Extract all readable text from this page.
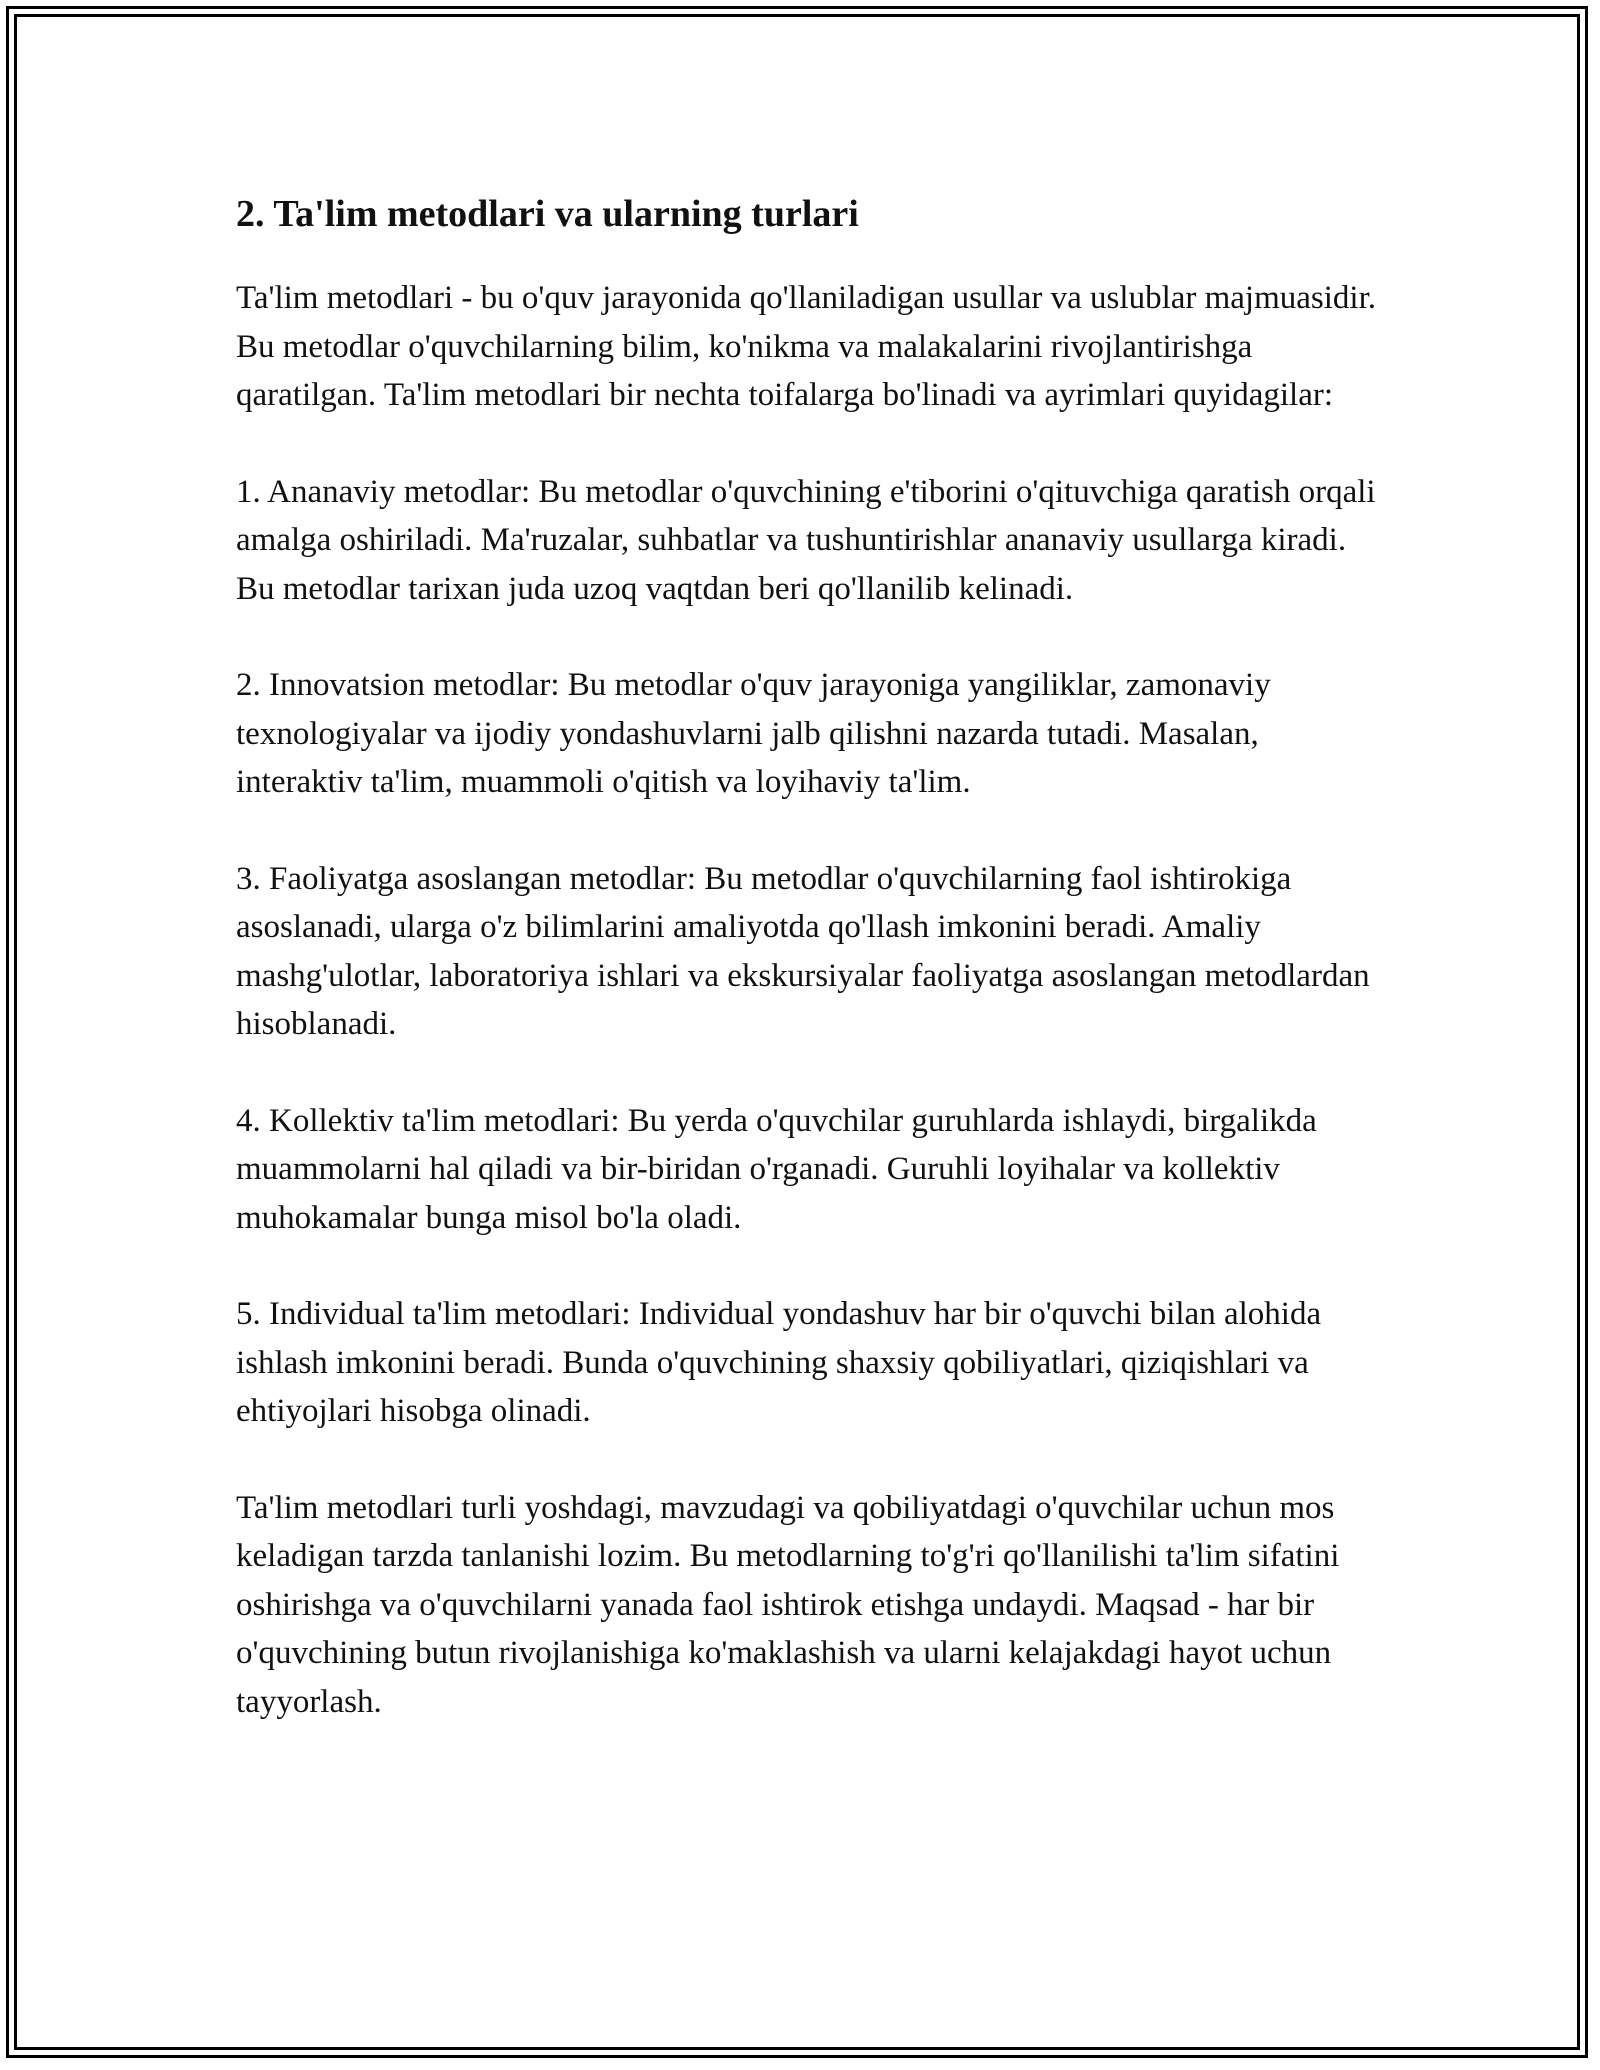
2. Ta'lim metodlari va ularning turlari

Ta'lim metodlari - bu o'quv jarayonida qo'llaniladigan usullar va uslublar majmuasidir. Bu metodlar o'quvchilarning bilim, ko'nikma va malakalarini rivojlantirishga qaratilgan. Ta'lim metodlari bir nechta toifalarga bo'linadi va ayrimlari quyidagilar:

1. Ananaviy metodlar: Bu metodlar o'quvchining e'tiborini o'qituvchiga qaratish orqali amalga oshiriladi. Ma'ruzalar, suhbatlar va tushuntirishlar ananaviy usullarga kiradi. Bu metodlar tarixan juda uzoq vaqtdan beri qo'llanilib kelinadi.

2. Innovatsion metodlar: Bu metodlar o'quv jarayoniga yangiliklar, zamonaviy texnologiyalar va ijodiy yondashuvlarni jalb qilishni nazarda tutadi. Masalan, interaktiv ta'lim, muammoli o'qitish va loyihaviy ta'lim.

3. Faoliyatga asoslangan metodlar: Bu metodlar o'quvchilarning faol ishtirokiga asoslanadi, ularga o'z bilimlarini amaliyotda qo'llash imkonini beradi. Amaliy mashg'ulotlar, laboratoriya ishlari va ekskursiyalar faoliyatga asoslangan metodlardan hisoblanadi.

4. Kollektiv ta'lim metodlari: Bu yerda o'quvchilar guruhlarda ishlaydi, birgalikda muammolarni hal qiladi va bir-biridan o'rganadi. Guruhli loyihalar va kollektiv muhokamalar bunga misol bo'la oladi.

5. Individual ta'lim metodlari: Individual yondashuv har bir o'quvchi bilan alohida ishlash imkonini beradi. Bunda o'quvchining shaxsiy qobiliyatlari, qiziqishlari va ehtiyojlari hisobga olinadi.

Ta'lim metodlari turli yoshdagi, mavzudagi va qobiliyatdagi o'quvchilar uchun mos keladigan tarzda tanlanishi lozim. Bu metodlarning to'g'ri qo'llanilishi ta'lim sifatini oshirishga va o'quvchilarni yanada faol ishtirok etishga undaydi. Maqsad - har bir o'quvchining butun rivojlanishiga ko'maklashish va ularni kelajakdagi hayot uchun tayyorlash.
